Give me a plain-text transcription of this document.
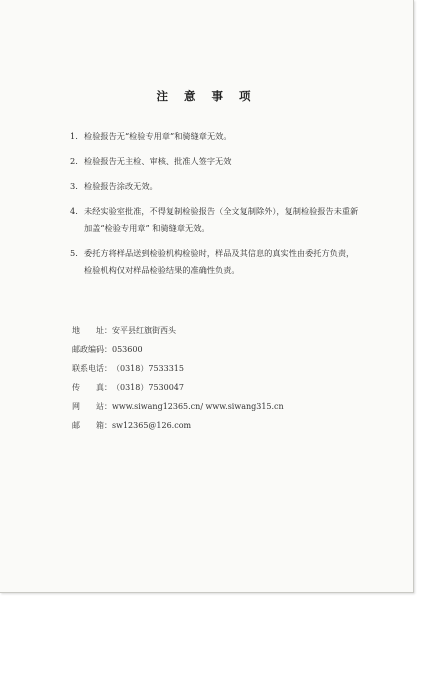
注 意 事 项
1. 检验报告无“检验专用章”和骑缝章无效。
2. 检验报告无主检、审核、批准人签字无效
3. 检验报告涂改无效。
4. 未经实验室批准，不得复制检验报告（全文复制除外），复制检验报告未重新
加盖“检验专用章” 和骑缝章无效。
5. 委托方将样品送到检验机构检验时，样品及其信息的真实性由委托方负责，
检验机构仅对样品检验结果的准确性负责。
地　　址： 安平县红旗街西头
邮政编码： 053600
联系电话： （0318）7533315
传　　真： （0318）7530047
网　　站： www.siwang12365.cn/ www.siwang315.cn
邮　　箱： sw12365@126.com
